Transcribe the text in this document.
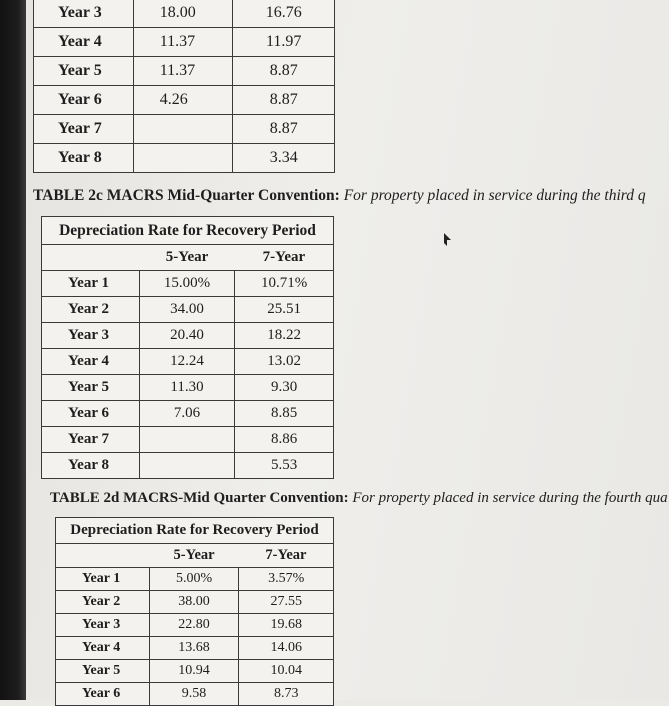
Year 3	18.00	16.76
Year 4	11.37	11.97
Year 5	11.37	8.87
Year 6	4.26	8.87
Year 7		8.87
Year 8		3.34
TABLE 2c MACRS Mid-Quarter Convention: For property placed in service during the third q
Depreciation Rate for Recovery Period		
	5-Year	7-Year
Year 1	15.00%	10.71%
Year 2	34.00	25.51
Year 3	20.40	18.22
Year 4	12.24	13.02
Year 5	11.30	9.30
Year 6	7.06	8.85
Year 7		8.86
Year 8		5.53
TABLE 2d MACRS-Mid Quarter Convention: For property placed in service during the fourth qua
Depreciation Rate for Recovery Period		
	5-Year	7-Year
Year 1	5.00%	3.57%
Year 2	38.00	27.55
Year 3	22.80	19.68
Year 4	13.68	14.06
Year 5	10.94	10.04
Year 6	9.58	8.73
